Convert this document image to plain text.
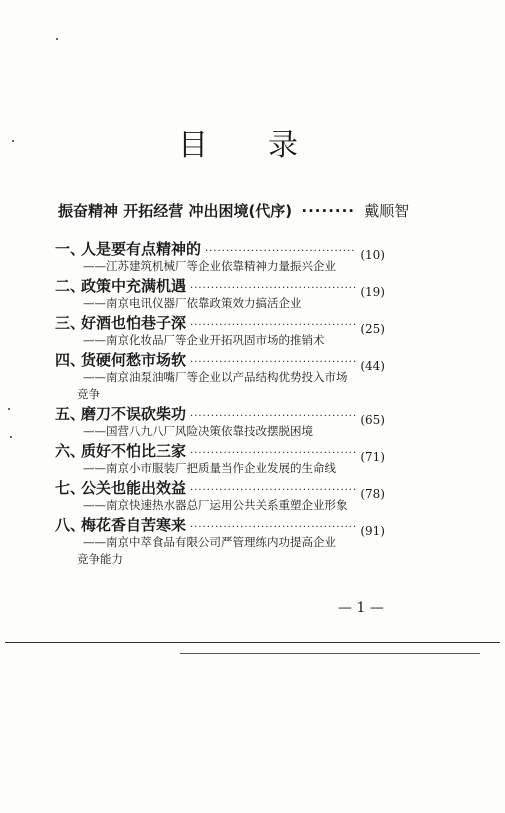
目 录
振奋精神 开拓经营 冲出困境(代序) ········ 戴顺智
一、
人是要有点精神的 ·····	(10)
——江苏建筑机械厂等企业依靠精神力量振兴企业
二、
政策中充满机遇 ·····	(19)
——南京电讯仪器厂依靠政策效力搞活企业
三、
好酒也怕巷子深 ·····	(25)
——南京化妆品厂等企业开拓巩固市场的推销术
四、
货硬何愁市场软 ·····	(44)
——南京油泵油嘴厂等企业以产品结构优势投入市场
竞争
五、
磨刀不误砍柴功 ·····	(65)
——国营八九八厂风险决策依靠技改摆脱困境
六、
质好不怕比三家 ·····	(71)
——南京小市服装厂把质量当作企业发展的生命线
七、
公关也能出效益 ·····	(78)
——南京快速热水器总厂运用公共关系重塑企业形象
八、
梅花香自苦寒来 ·····	(91)
——南京中萃食品有限公司严管理练内功提高企业
竞争能力
— 1 —
